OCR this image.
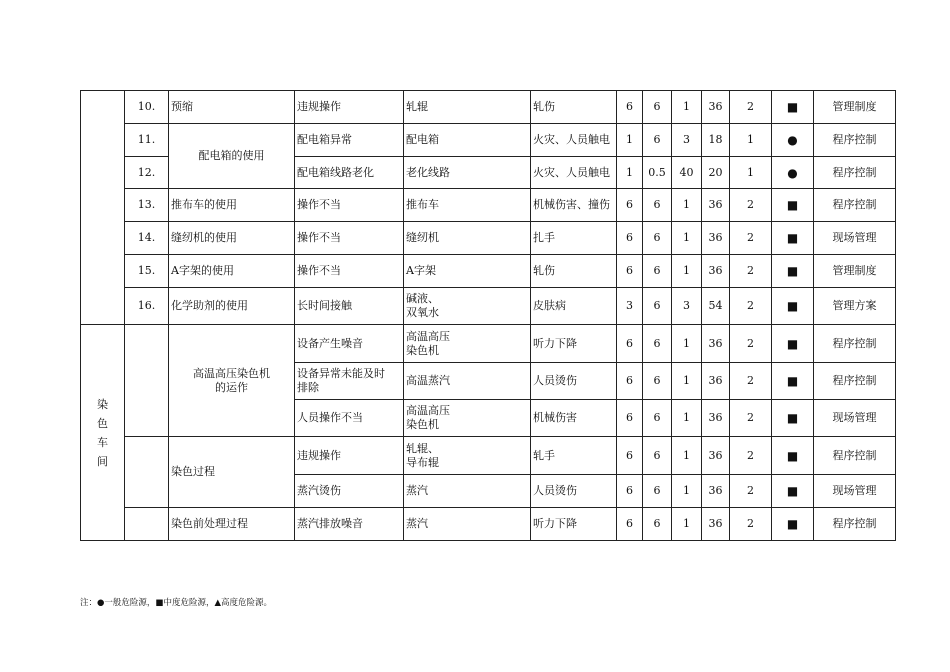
	10.	预缩	违规操作	轧辊	轧伤	6	6	1	36	2	■	管理制度
	11.	配电箱的使用	配电箱异常	配电箱	火灾、人员触电	1	6	3	18	1	●	程序控制
	12.		配电箱线路老化	老化线路	火灾、人员触电	1	0.5	40	20	1	●	程序控制
	13.	推布车的使用	操作不当	推布车	机械伤害、撞伤	6	6	1	36	2	■	程序控制
	14.	缝纫机的使用	操作不当	缝纫机	扎手	6	6	1	36	2	■	现场管理
	15.	A字架的使用	操作不当	A字架	轧伤	6	6	1	36	2	■	管理制度
	16.	化学助剂的使用	长时间接触	碱液、
双氧水	皮肤病	3	6	3	54	2	■	管理方案

染
色
车
间		高温高压染色机
的运作	设备产生噪音	高温高压
染色机	听力下降	6	6	1	36	2	■	程序控制
			设备异常未能及时
排除	高温蒸汽	人员烫伤	6	6	1	36	2	■	程序控制
			人员操作不当	高温高压
染色机	机械伤害	6	6	1	36	2	■	现场管理
		染色过程	违规操作	轧辊、
导布辊	轧手	6	6	1	36	2	■	程序控制
			蒸汽烫伤	蒸汽	人员烫伤	6	6	1	36	2	■	现场管理
		染色前处理过程	蒸汽排放噪音	蒸汽	听力下降	6	6	1	36	2	■	程序控制
注：●一般危险源，■中度危险源，▲高度危险源。
